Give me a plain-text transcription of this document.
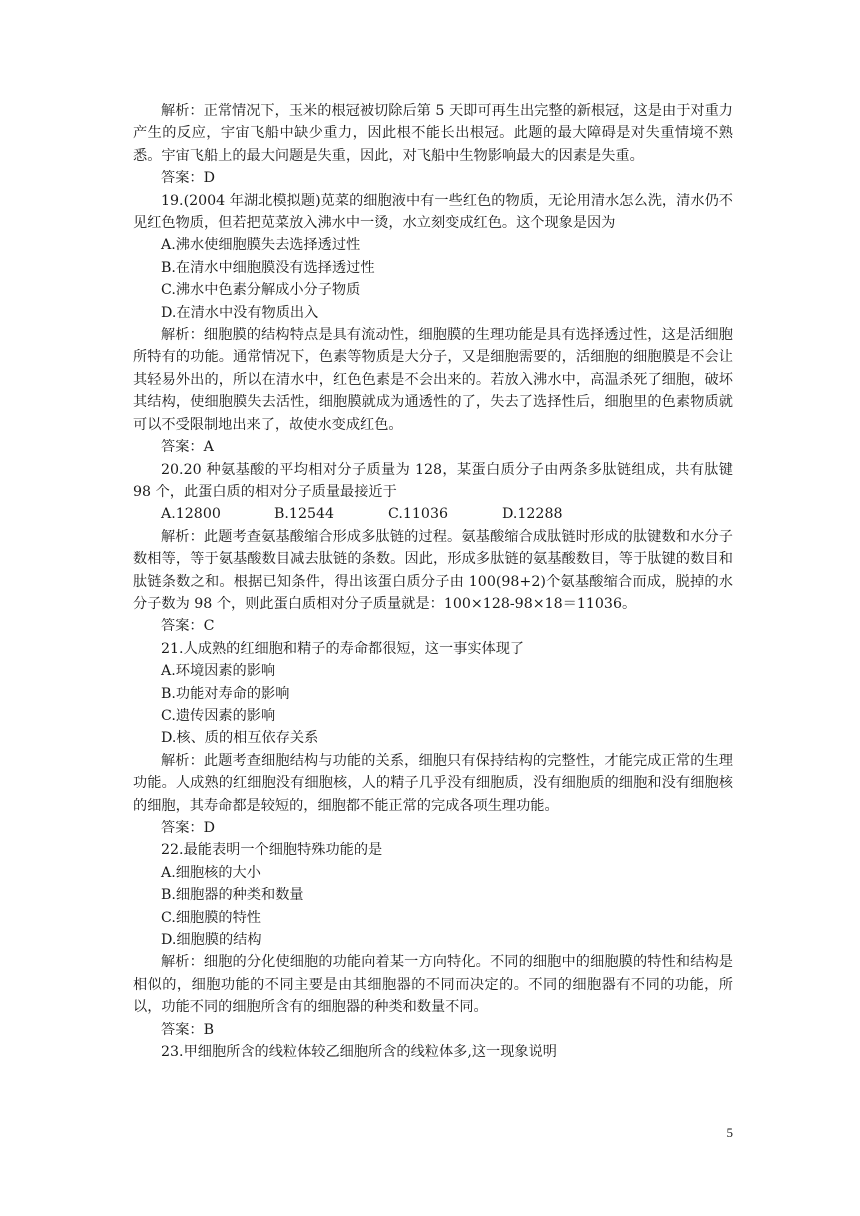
解析：正常情况下，玉米的根冠被切除后第 5 天即可再生出完整的新根冠，这是由于对重力产生的反应，宇宙飞船中缺少重力，因此根不能长出根冠。此题的最大障碍是对失重情境不熟悉。宇宙飞船上的最大问题是失重，因此，对飞船中生物影响最大的因素是失重。

答案：D

19.(2004 年湖北模拟题)苋菜的细胞液中有一些红色的物质，无论用清水怎么洗，清水仍不见红色物质，但若把苋菜放入沸水中一烫，水立刻变成红色。这个现象是因为

A.沸水使细胞膜失去选择透过性

B.在清水中细胞膜没有选择透过性

C.沸水中色素分解成小分子物质

D.在清水中没有物质出入

解析：细胞膜的结构特点是具有流动性，细胞膜的生理功能是具有选择透过性，这是活细胞所特有的功能。通常情况下，色素等物质是大分子，又是细胞需要的，活细胞的细胞膜是不会让其轻易外出的，所以在清水中，红色色素是不会出来的。若放入沸水中，高温杀死了细胞，破坏其结构，使细胞膜失去活性，细胞膜就成为通透性的了，失去了选择性后，细胞里的色素物质就可以不受限制地出来了，故使水变成红色。

答案：A

20.20 种氨基酸的平均相对分子质量为 128，某蛋白质分子由两条多肽链组成，共有肽键 98 个，此蛋白质的相对分子质量最接近于

A.12800	B.12544	C.11036	D.12288

解析：此题考查氨基酸缩合形成多肽链的过程。氨基酸缩合成肽链时形成的肽键数和水分子数相等，等于氨基酸数目减去肽链的条数。因此，形成多肽链的氨基酸数目，等于肽键的数目和肽链条数之和。根据已知条件，得出该蛋白质分子由 100(98+2)个氨基酸缩合而成，脱掉的水分子数为 98 个，则此蛋白质相对分子质量就是：100×128-98×18＝11036。

答案：C

21.人成熟的红细胞和精子的寿命都很短，这一事实体现了

A.环境因素的影响

B.功能对寿命的影响

C.遗传因素的影响

D.核、质的相互依存关系

解析：此题考查细胞结构与功能的关系，细胞只有保持结构的完整性，才能完成正常的生理功能。人成熟的红细胞没有细胞核，人的精子几乎没有细胞质，没有细胞质的细胞和没有细胞核的细胞，其寿命都是较短的，细胞都不能正常的完成各项生理功能。

答案：D

22.最能表明一个细胞特殊功能的是

A.细胞核的大小

B.细胞器的种类和数量

C.细胞膜的特性

D.细胞膜的结构

解析：细胞的分化使细胞的功能向着某一方向特化。不同的细胞中的细胞膜的特性和结构是相似的，细胞功能的不同主要是由其细胞器的不同而决定的。不同的细胞器有不同的功能，所以，功能不同的细胞所含有的细胞器的种类和数量不同。

答案：B

23.甲细胞所含的线粒体较乙细胞所含的线粒体多,这一现象说明

5
